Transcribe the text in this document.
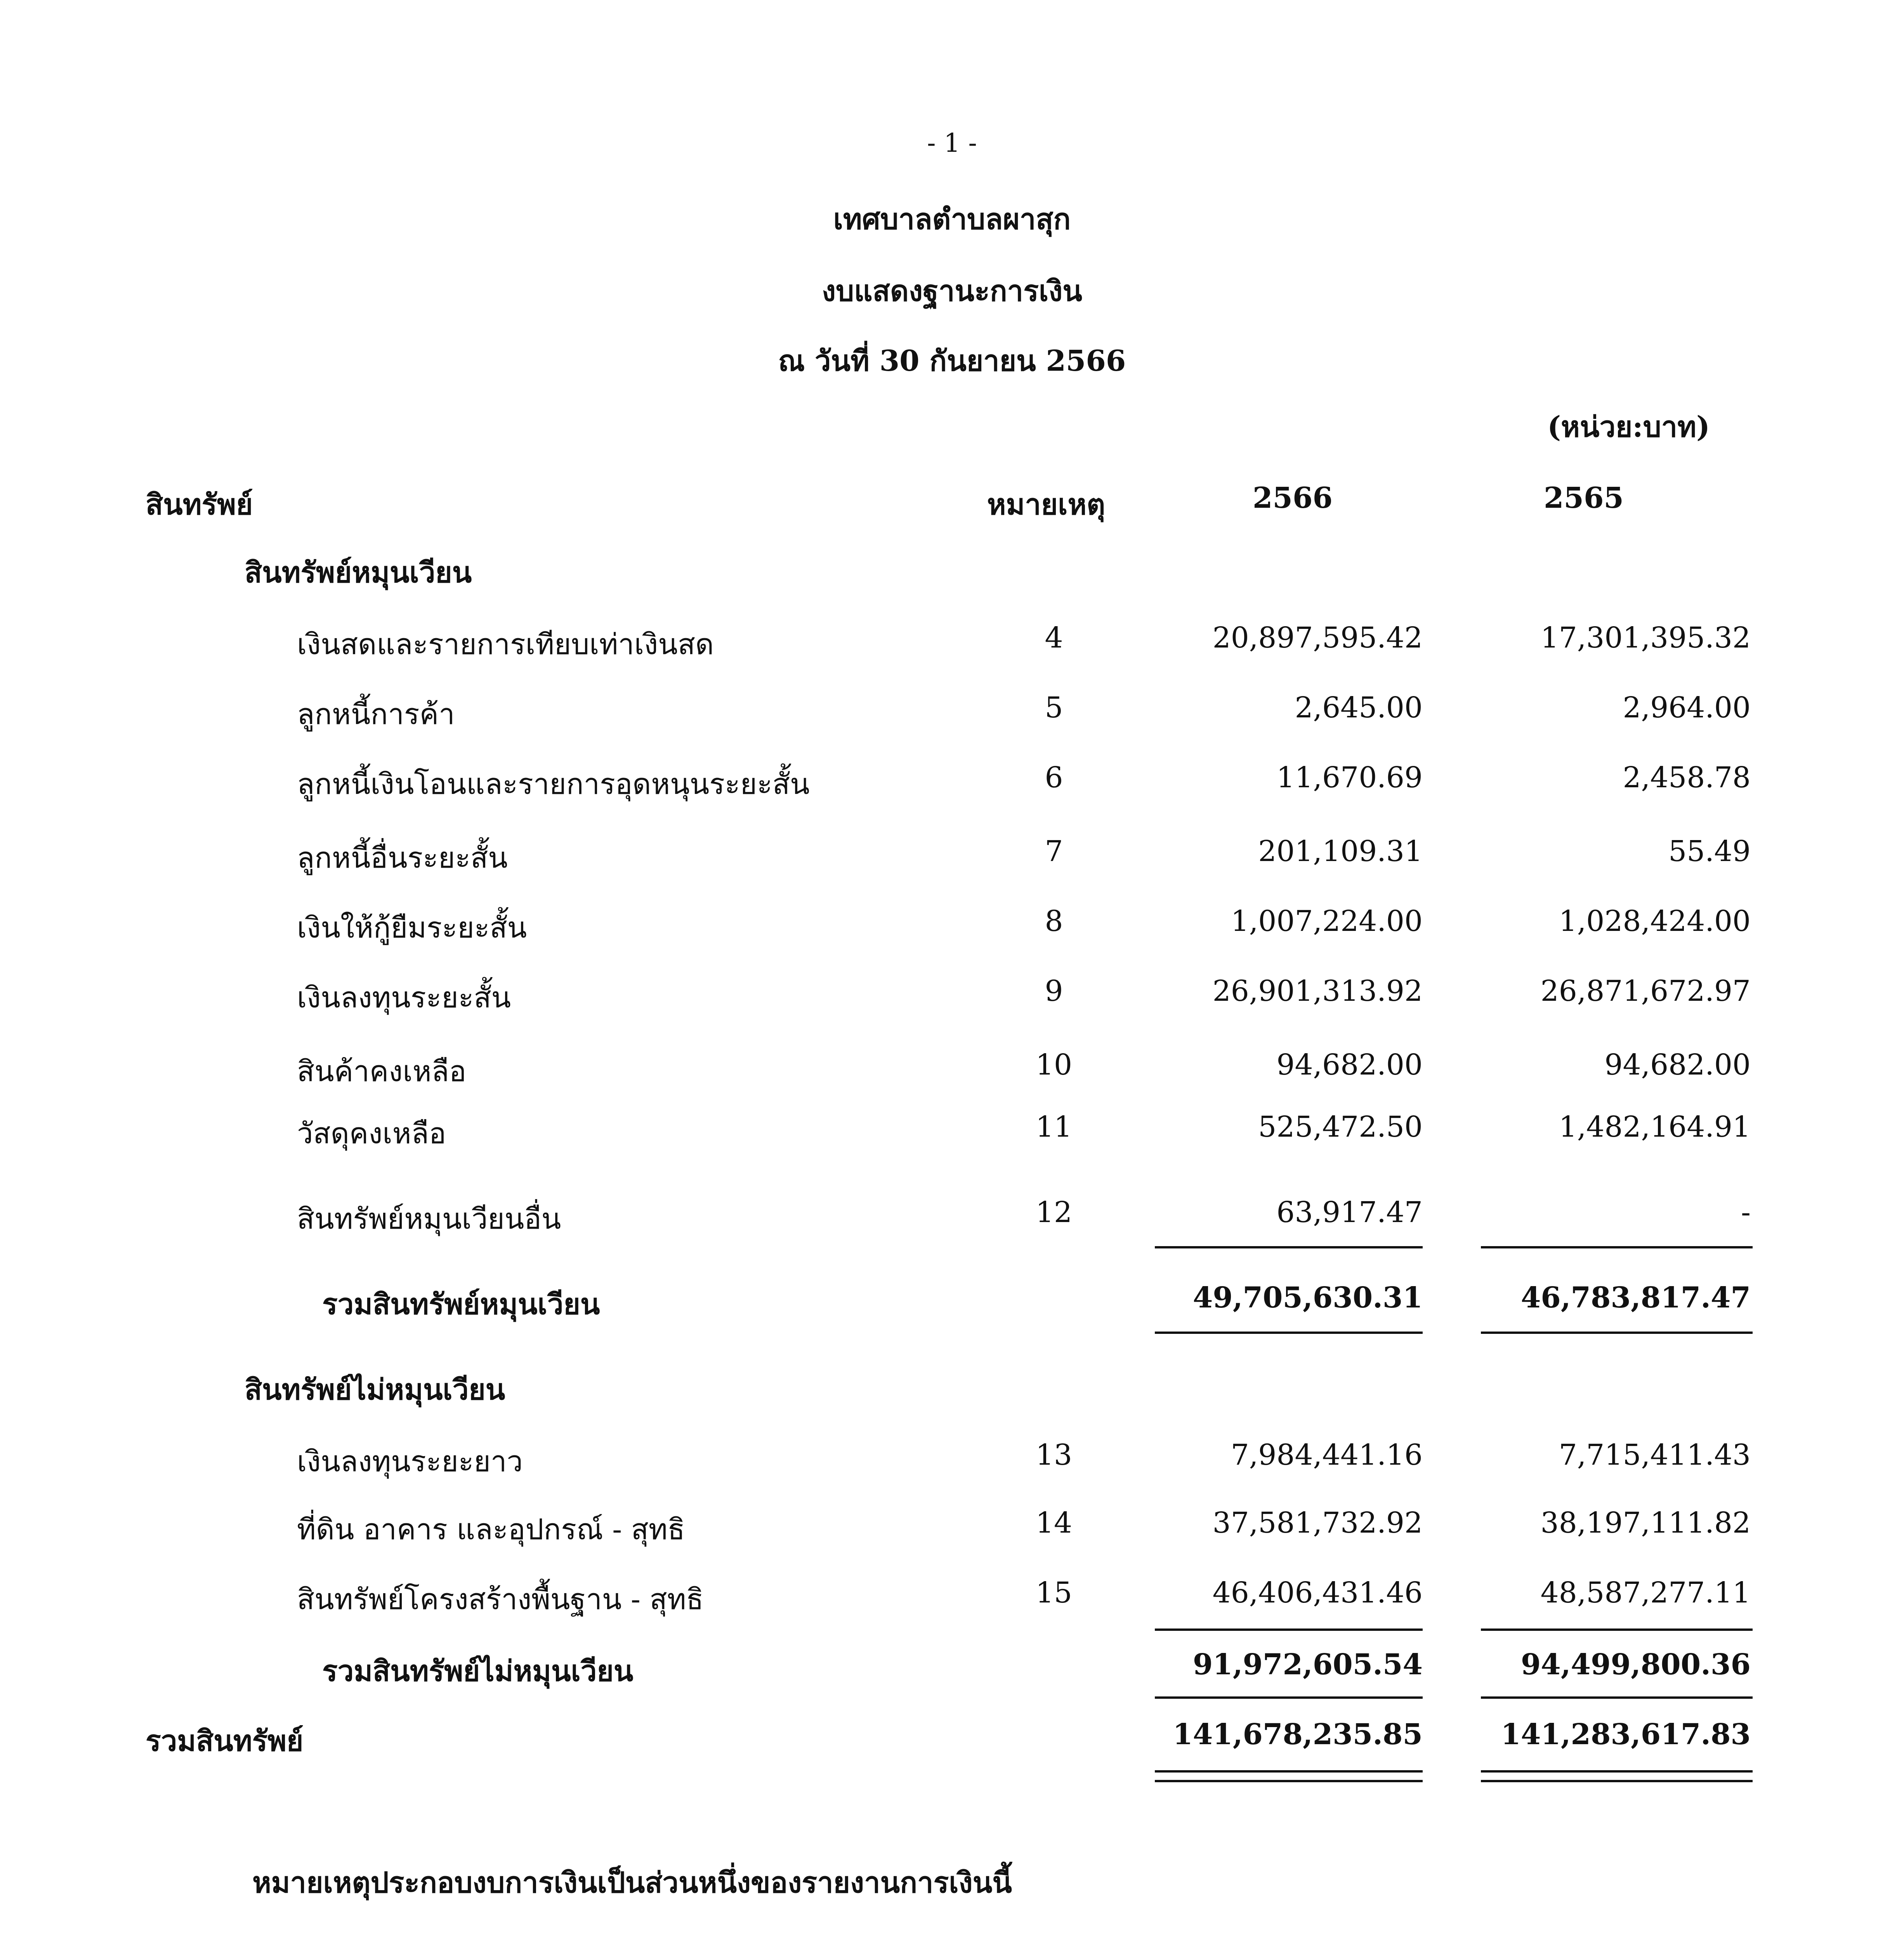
- 1 -
เทศบาลตำบลผาสุก
งบแสดงฐานะการเงิน
ณ วันที่ 30 กันยายน 2566
(หน่วย:บาท)
สินทรัพย์	หมายเหตุ	2566	2565
สินทรัพย์หมุนเวียน
เงินสดและรายการเทียบเท่าเงินสด	4	20,897,595.42	17,301,395.32
ลูกหนี้การค้า	5	2,645.00	2,964.00
ลูกหนี้เงินโอนและรายการอุดหนุนระยะสั้น	6	11,670.69	2,458.78
ลูกหนี้อื่นระยะสั้น	7	201,109.31	55.49
เงินให้กู้ยืมระยะสั้น	8	1,007,224.00	1,028,424.00
เงินลงทุนระยะสั้น	9	26,901,313.92	26,871,672.97
สินค้าคงเหลือ	10	94,682.00	94,682.00
วัสดุคงเหลือ	11	525,472.50	1,482,164.91
สินทรัพย์หมุนเวียนอื่น	12	63,917.47	-
รวมสินทรัพย์หมุนเวียน	49,705,630.31	46,783,817.47
สินทรัพย์ไม่หมุนเวียน
เงินลงทุนระยะยาว	13	7,984,441.16	7,715,411.43
ที่ดิน อาคาร และอุปกรณ์ - สุทธิ	14	37,581,732.92	38,197,111.82
สินทรัพย์โครงสร้างพื้นฐาน - สุทธิ	15	46,406,431.46	48,587,277.11
รวมสินทรัพย์ไม่หมุนเวียน	91,972,605.54	94,499,800.36
รวมสินทรัพย์	141,678,235.85	141,283,617.83
หมายเหตุประกอบงบการเงินเป็นส่วนหนึ่งของรายงานการเงินนี้
